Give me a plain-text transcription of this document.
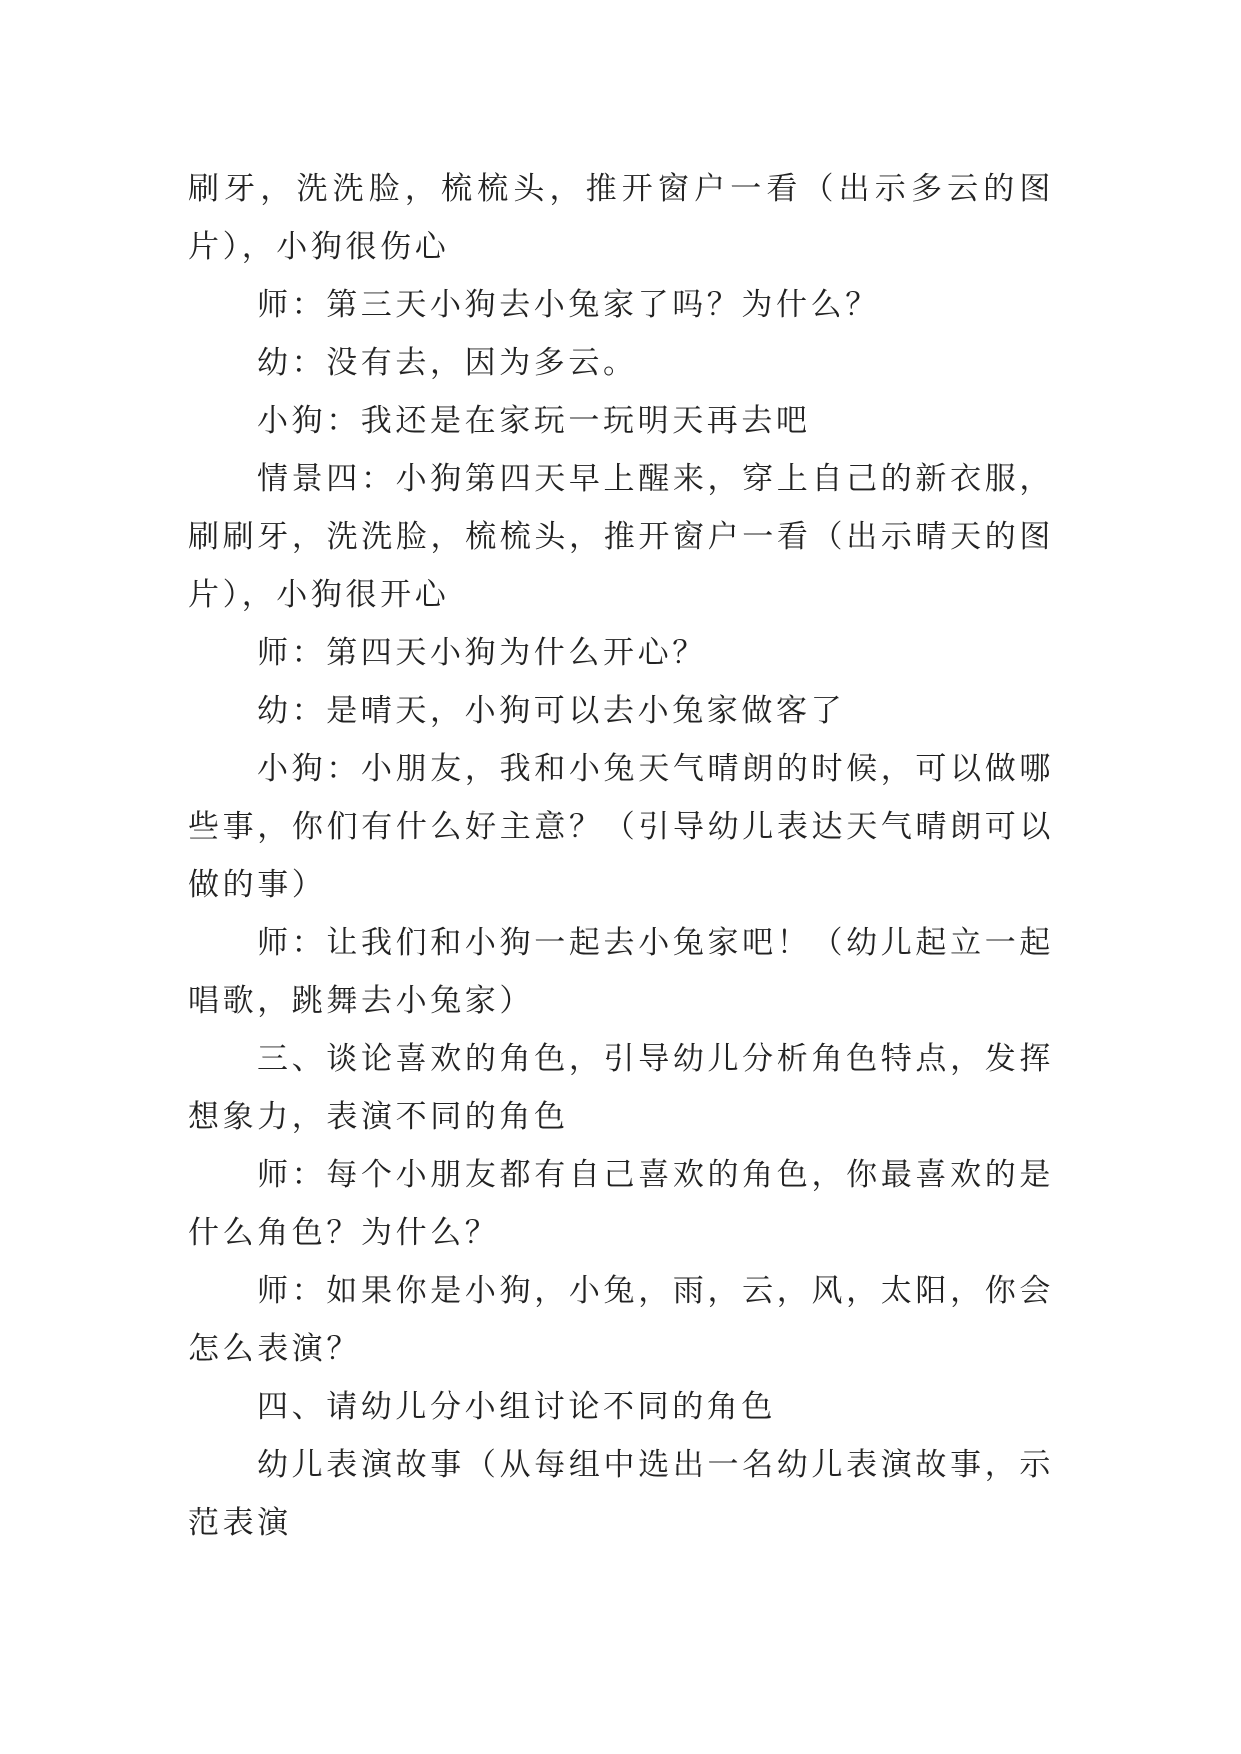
刷牙，洗洗脸，梳梳头，推开窗户一看（出示多云的图片），小狗很伤心

师：第三天小狗去小兔家了吗？为什么？

幼：没有去，因为多云。

小狗：我还是在家玩一玩明天再去吧

情景四：小狗第四天早上醒来，穿上自己的新衣服，刷刷牙，洗洗脸，梳梳头，推开窗户一看（出示晴天的图片），小狗很开心

师：第四天小狗为什么开心？

幼：是晴天，小狗可以去小兔家做客了

小狗：小朋友，我和小兔天气晴朗的时候，可以做哪些事，你们有什么好主意？（引导幼儿表达天气晴朗可以做的事）

师：让我们和小狗一起去小兔家吧！（幼儿起立一起唱歌，跳舞去小兔家）

三、谈论喜欢的角色，引导幼儿分析角色特点，发挥想象力，表演不同的角色

师：每个小朋友都有自己喜欢的角色，你最喜欢的是什么角色？为什么？

师：如果你是小狗，小兔，雨，云，风，太阳，你会怎么表演？

四、请幼儿分小组讨论不同的角色

幼儿表演故事（从每组中选出一名幼儿表演故事，示范表演
